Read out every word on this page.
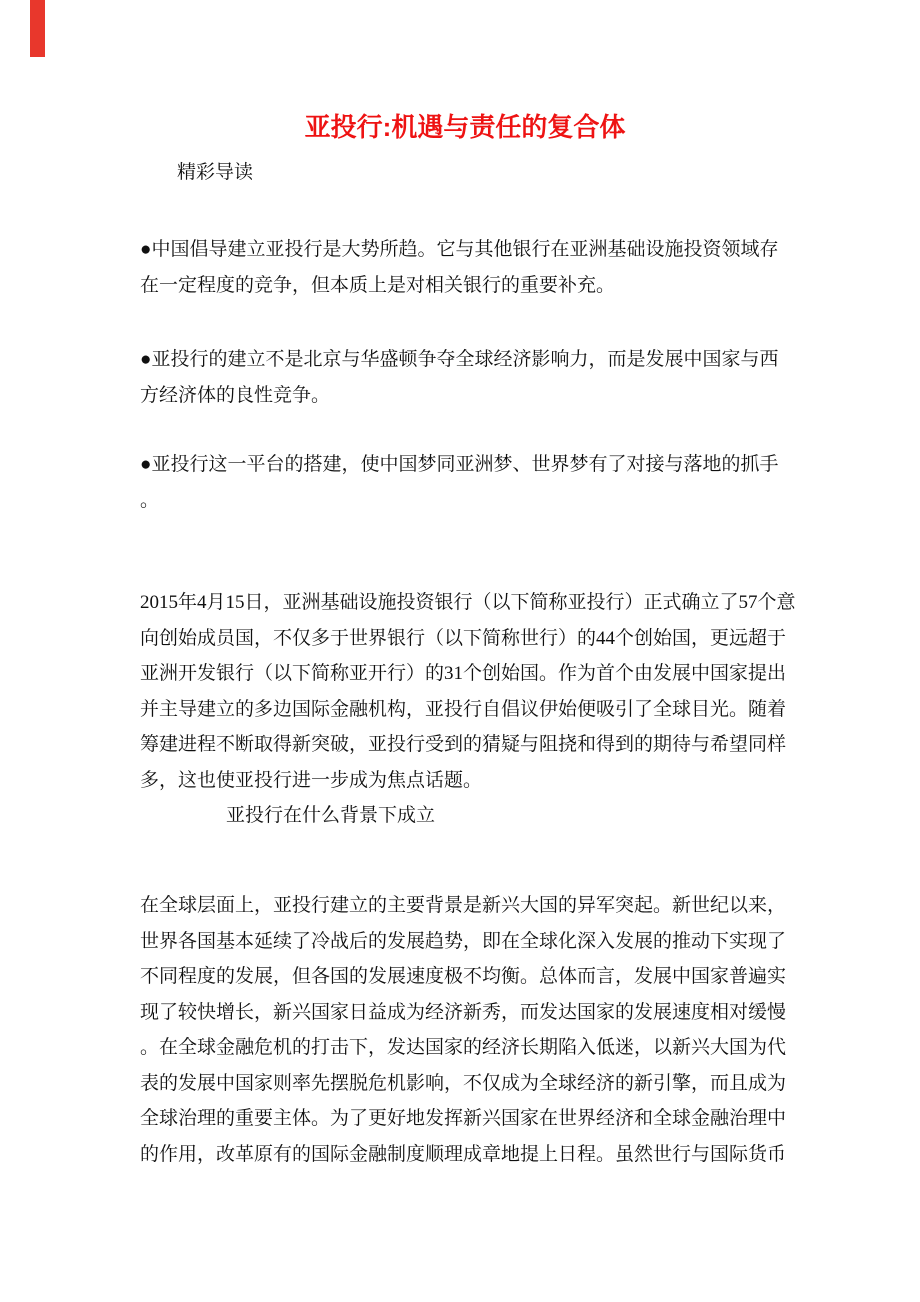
亚投行:机遇与责任的复合体
精彩导读
●中国倡导建立亚投行是大势所趋。它与其他银行在亚洲基础设施投资领域存
在一定程度的竞争，但本质上是对相关银行的重要补充。
●亚投行的建立不是北京与华盛顿争夺全球经济影响力，而是发展中国家与西
方经济体的良性竞争。
●亚投行这一平台的搭建，使中国梦同亚洲梦、世界梦有了对接与落地的抓手
。
2015年4月15日，亚洲基础设施投资银行（以下简称亚投行）正式确立了57个意
向创始成员国，不仅多于世界银行（以下简称世行）的44个创始国，更远超于
亚洲开发银行（以下简称亚开行）的31个创始国。作为首个由发展中国家提出
并主导建立的多边国际金融机构，亚投行自倡议伊始便吸引了全球目光。随着
筹建进程不断取得新突破，亚投行受到的猜疑与阻挠和得到的期待与希望同样
多，这也使亚投行进一步成为焦点话题。
亚投行在什么背景下成立
在全球层面上，亚投行建立的主要背景是新兴大国的异军突起。新世纪以来，
世界各国基本延续了冷战后的发展趋势，即在全球化深入发展的推动下实现了
不同程度的发展，但各国的发展速度极不均衡。总体而言，发展中国家普遍实
现了较快增长，新兴国家日益成为经济新秀，而发达国家的发展速度相对缓慢
。在全球金融危机的打击下，发达国家的经济长期陷入低迷，以新兴大国为代
表的发展中国家则率先摆脱危机影响，不仅成为全球经济的新引擎，而且成为
全球治理的重要主体。为了更好地发挥新兴国家在世界经济和全球金融治理中
的作用，改革原有的国际金融制度顺理成章地提上日程。虽然世行与国际货币
